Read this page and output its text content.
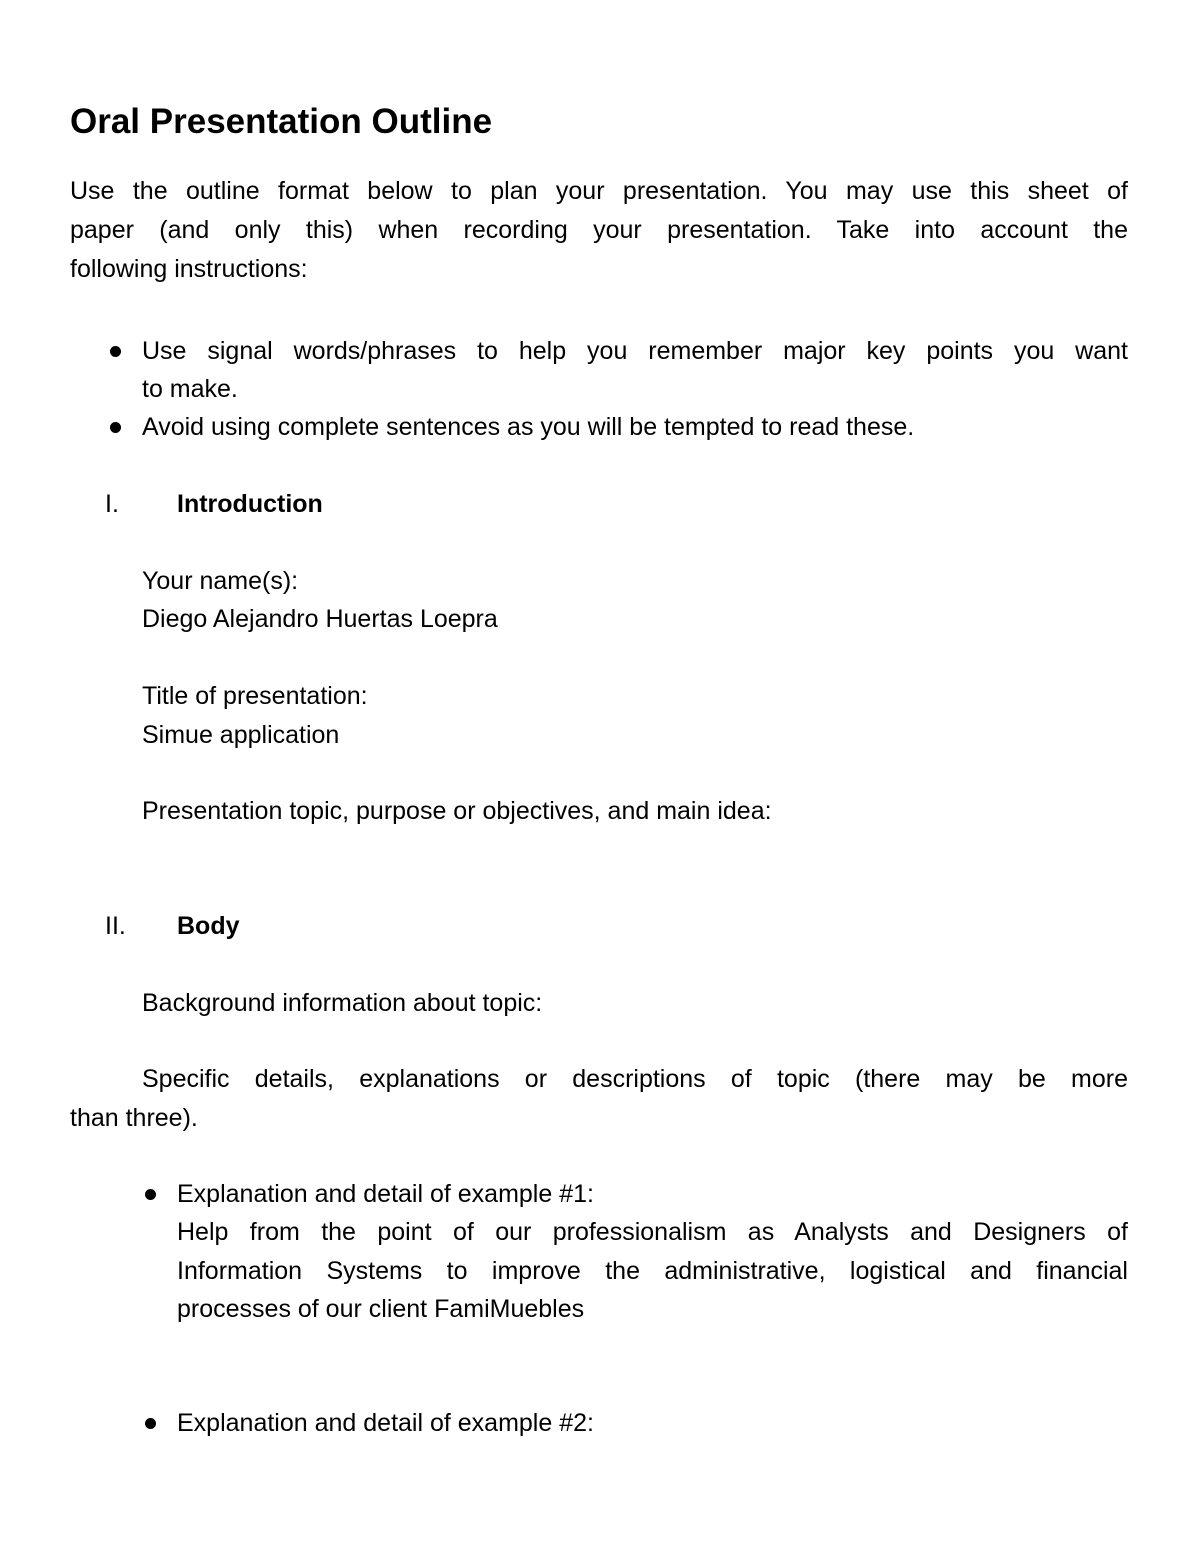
Oral Presentation Outline
Use the outline format below to plan your presentation. You may use this sheet of
paper (and only this) when recording your presentation. Take into account the
following instructions:
Use signal words/phrases to help you remember major key points you want
to make.
Avoid using complete sentences as you will be tempted to read these.
I. Introduction
Your name(s):
Diego Alejandro Huertas Loepra
Title of presentation:
Simue application
Presentation topic, purpose or objectives, and main idea:
II. Body
Background information about topic:
Specific details, explanations or descriptions of topic (there may be more
than three).
Explanation and detail of example #1:
Help from the point of our professionalism as Analysts and Designers of
Information Systems to improve the administrative, logistical and financial
processes of our client FamiMuebles
Explanation and detail of example #2:
